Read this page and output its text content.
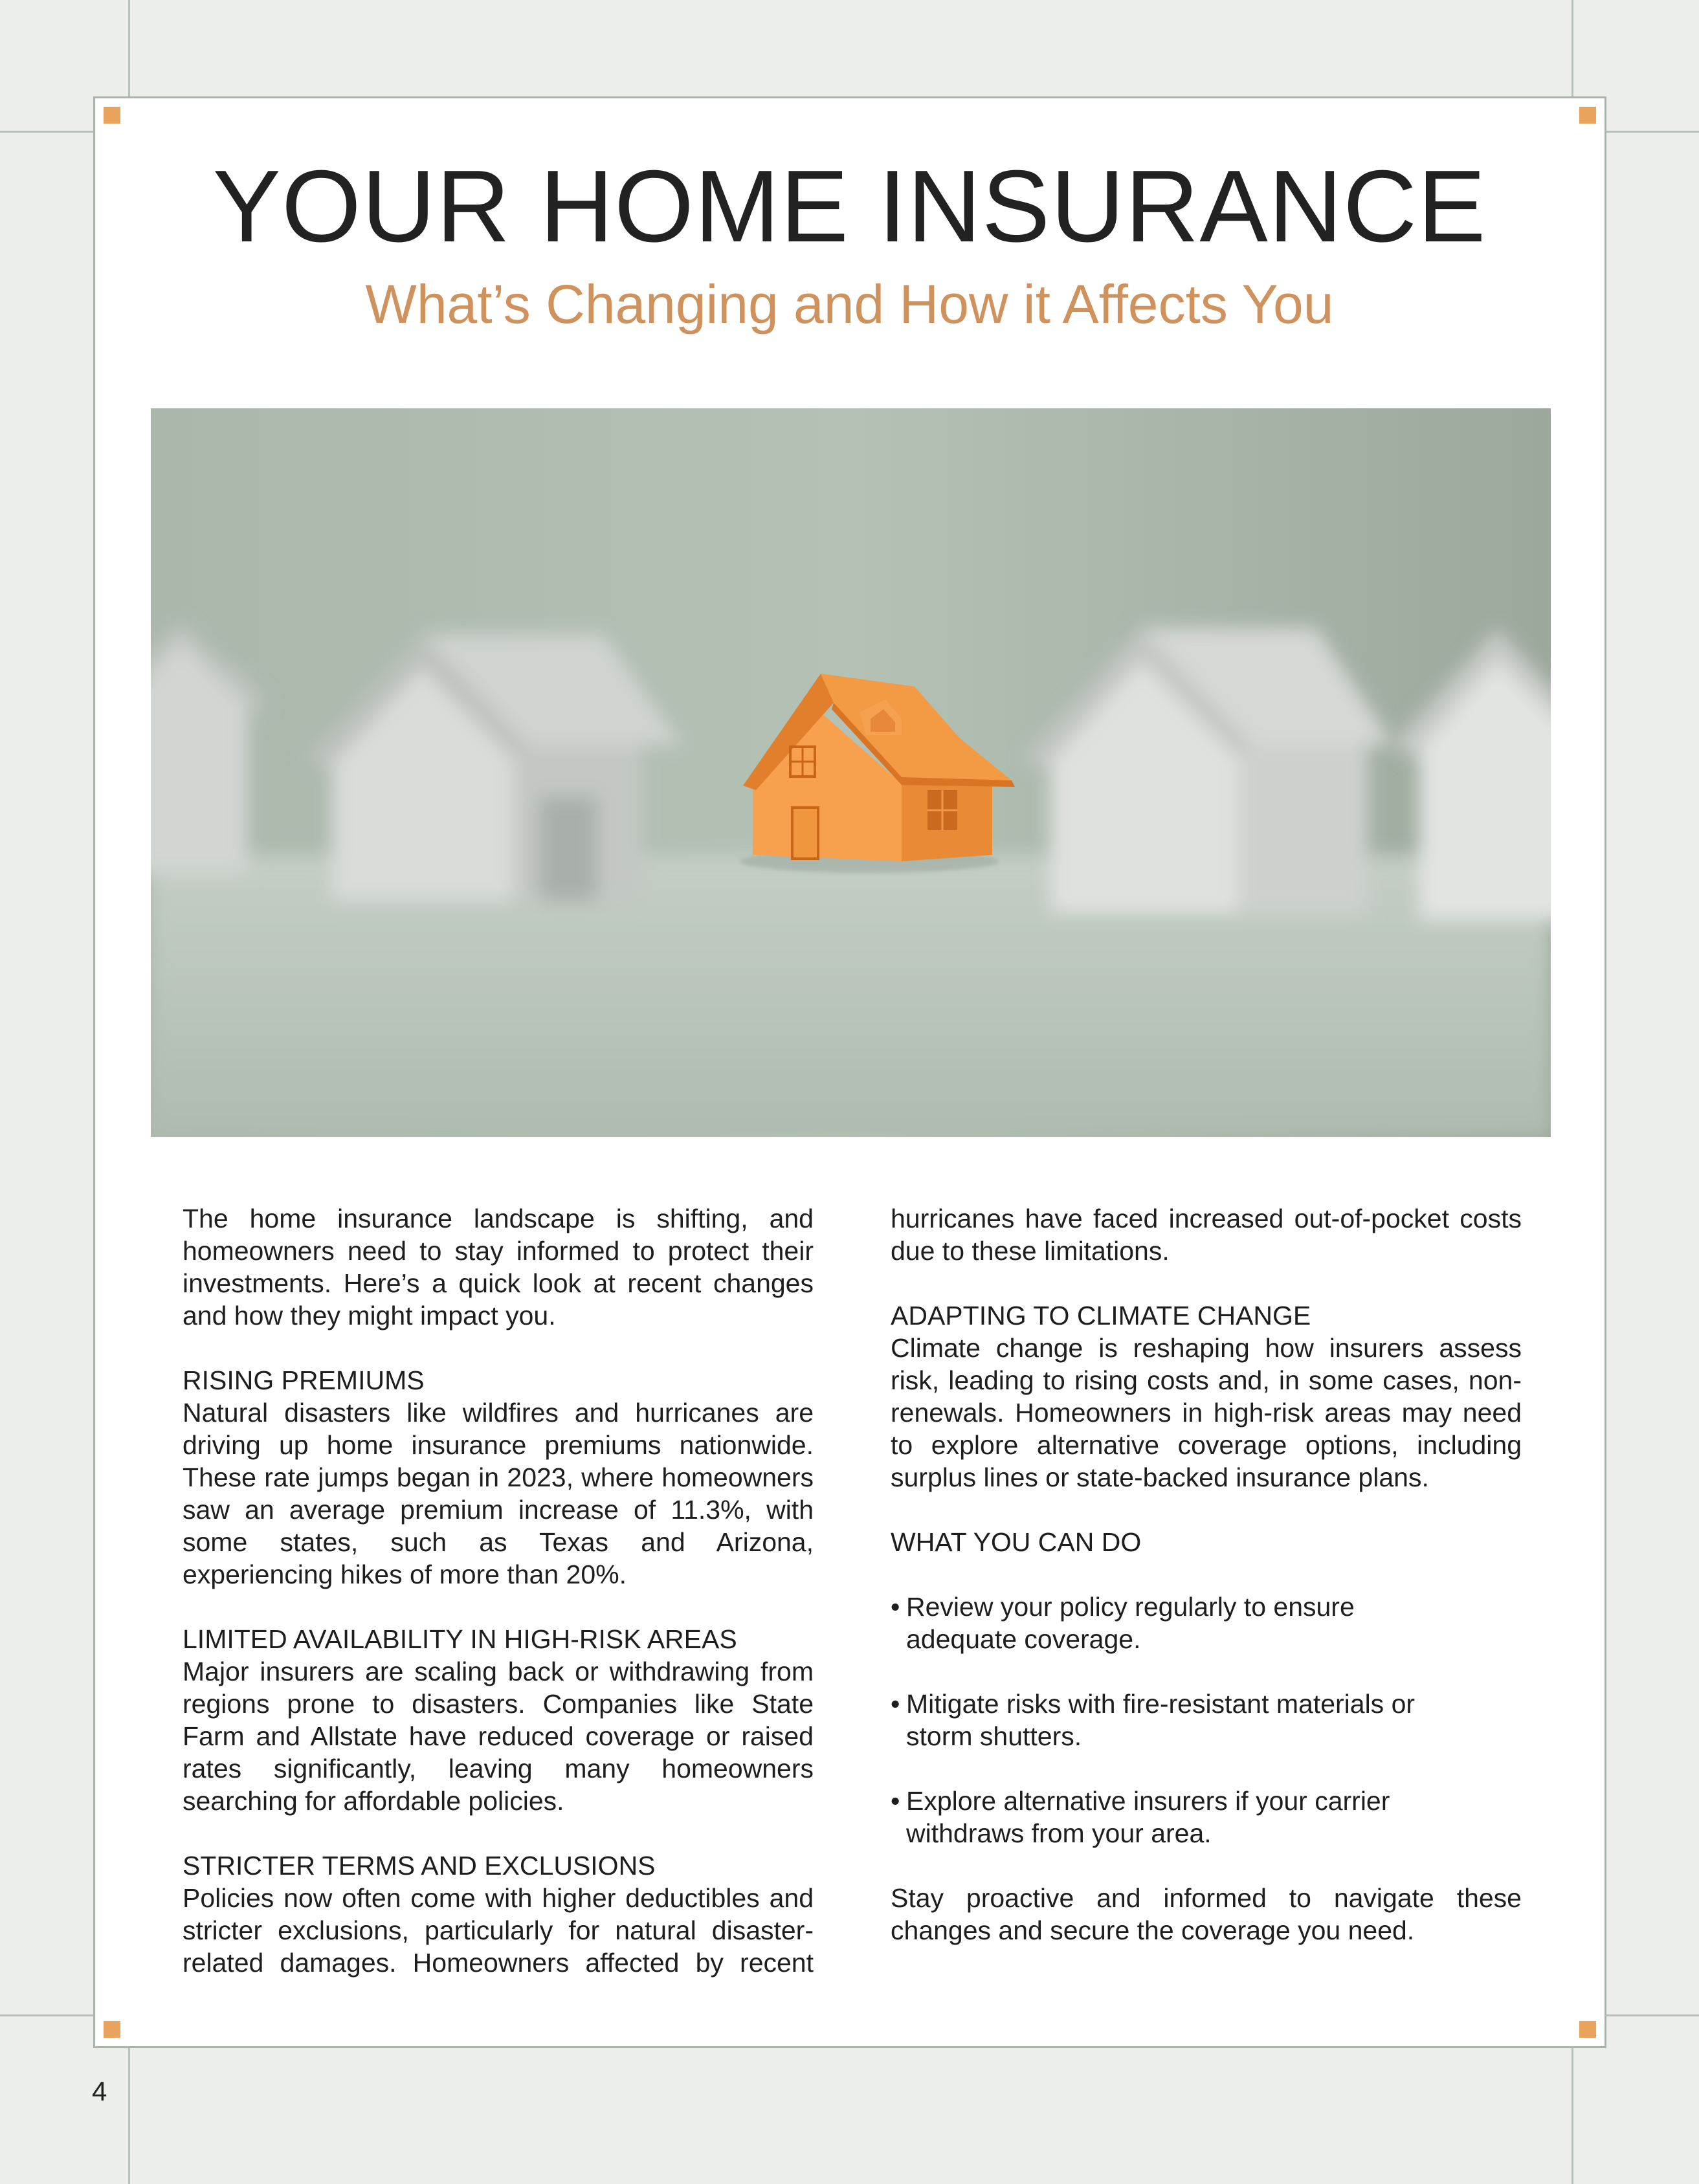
YOUR HOME INSURANCE
What’s Changing and How it Affects You

The home insurance landscape is shifting, and homeowners need to stay informed to protect their investments. Here’s a quick look at recent changes and how they might impact you.

RISING PREMIUMS

Natural disasters like wildfires and hurricanes are driving up home insurance premiums nationwide. These rate jumps began in 2023, where homeowners saw an average premium increase of 11.3%, with some states, such as Texas and Arizona, experiencing hikes of more than 20%.

LIMITED AVAILABILITY IN HIGH-RISK AREAS

Major insurers are scaling back or withdrawing from regions prone to disasters. Companies like State Farm and Allstate have reduced coverage or raised rates significantly, leaving many homeowners searching for affordable policies.

STRICTER TERMS AND EXCLUSIONS

Policies now often come with higher deductibles and stricter exclusions, particularly for natural disaster-related damages. Homeowners affected by recent

hurricanes have faced increased out-of-pocket costs due to these limitations.

ADAPTING TO CLIMATE CHANGE

Climate change is reshaping how insurers assess risk, leading to rising costs and, in some cases, non-renewals. Homeowners in high-risk areas may need to explore alternative coverage options, including surplus lines or state-backed insurance plans.

WHAT YOU CAN DO
• Review your policy regularly to ensure adequate coverage.
• Mitigate risks with fire-resistant materials or storm shutters.
• Explore alternative insurers if your carrier withdraws from your area.

Stay proactive and informed to navigate these changes and secure the coverage you need.

4
